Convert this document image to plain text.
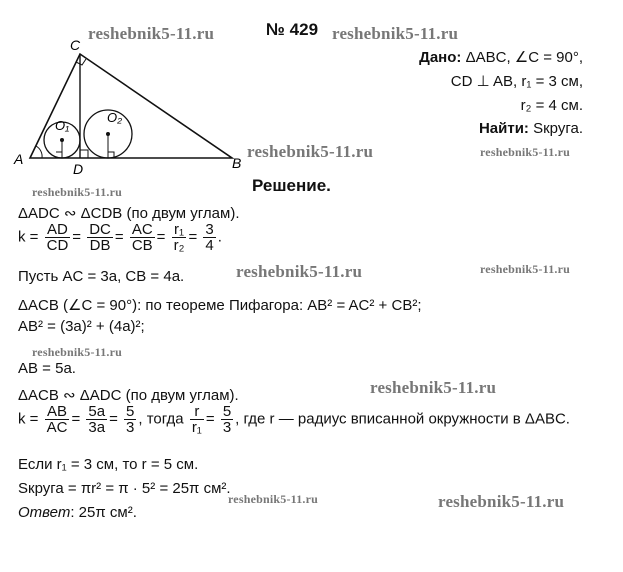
№ 429
reshebnik5-11.ru	reshebnik5-11.ru
reshebnik5-11.ru	reshebnik5-11.ru
reshebnik5-11.ru
reshebnik5-11.ru	reshebnik5-11.ru
reshebnik5-11.ru
reshebnik5-11.ru
reshebnik5-11.ru	reshebnik5-11.ru
C
A	B
D
O₁
O₂
Дано: ΔABC, ∠C = 90°,
CD ⊥ AB, r₁ = 3 см,
r₂ = 4 см.
Найти: Sкруга.
Решение.
ΔADC ∾ ΔCDB (по двум углам).
$k = \frac{AD}{CD} = \frac{DC}{DB} = \frac{AC}{CB} = \frac{\text{r₁}}{\text{r₂}} = \frac{3}{4}$ .
Пусть AC = 3a, CB = 4a.
ΔACB (∠C = 90°): по теореме Пифагора: AB² = AC² + CB²;
AB² = (3a)² + (4a)²;
AB = 5a.
ΔACB ∾ ΔADC (по двум углам).
$k = \frac{AB}{AC} = \frac{5a}{3a} = \frac{5}{3}$ , тогда $\frac{r}{\text{r₁}} = \frac{5}{3}$ , где r — радиус вписанной окружности в ΔABC.
Если r₁ = 3 см, то r = 5 см.
Sкруга = πr² = π · 5² = 25π см².
Ответ: 25π см².
